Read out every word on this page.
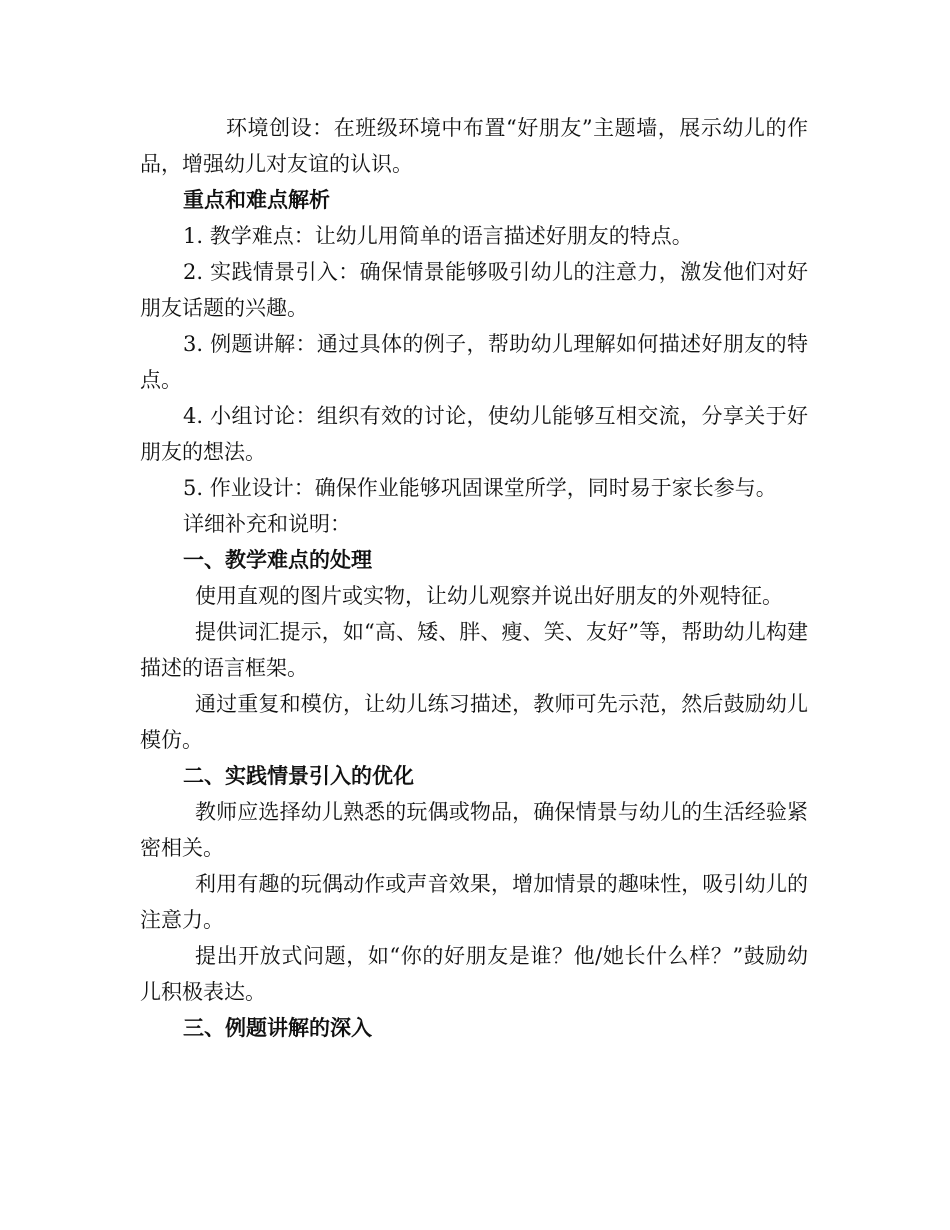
环境创设：在班级环境中布置“好朋友”主题墙，展示幼儿的作品，增强幼儿对友谊的认识。

重点和难点解析

1. 教学难点：让幼儿用简单的语言描述好朋友的特点。

2. 实践情景引入：确保情景能够吸引幼儿的注意力，激发他们对好朋友话题的兴趣。

3. 例题讲解：通过具体的例子，帮助幼儿理解如何描述好朋友的特点。

4. 小组讨论：组织有效的讨论，使幼儿能够互相交流，分享关于好朋友的想法。

5. 作业设计：确保作业能够巩固课堂所学，同时易于家长参与。

详细补充和说明：

一、教学难点的处理

使用直观的图片或实物，让幼儿观察并说出好朋友的外观特征。

提供词汇提示，如“高、矮、胖、瘦、笑、友好”等，帮助幼儿构建描述的语言框架。

通过重复和模仿，让幼儿练习描述，教师可先示范，然后鼓励幼儿模仿。

二、实践情景引入的优化

教师应选择幼儿熟悉的玩偶或物品，确保情景与幼儿的生活经验紧密相关。

利用有趣的玩偶动作或声音效果，增加情景的趣味性，吸引幼儿的注意力。

提出开放式问题，如“你的好朋友是谁？他/她长什么样？”鼓励幼儿积极表达。

三、例题讲解的深入
